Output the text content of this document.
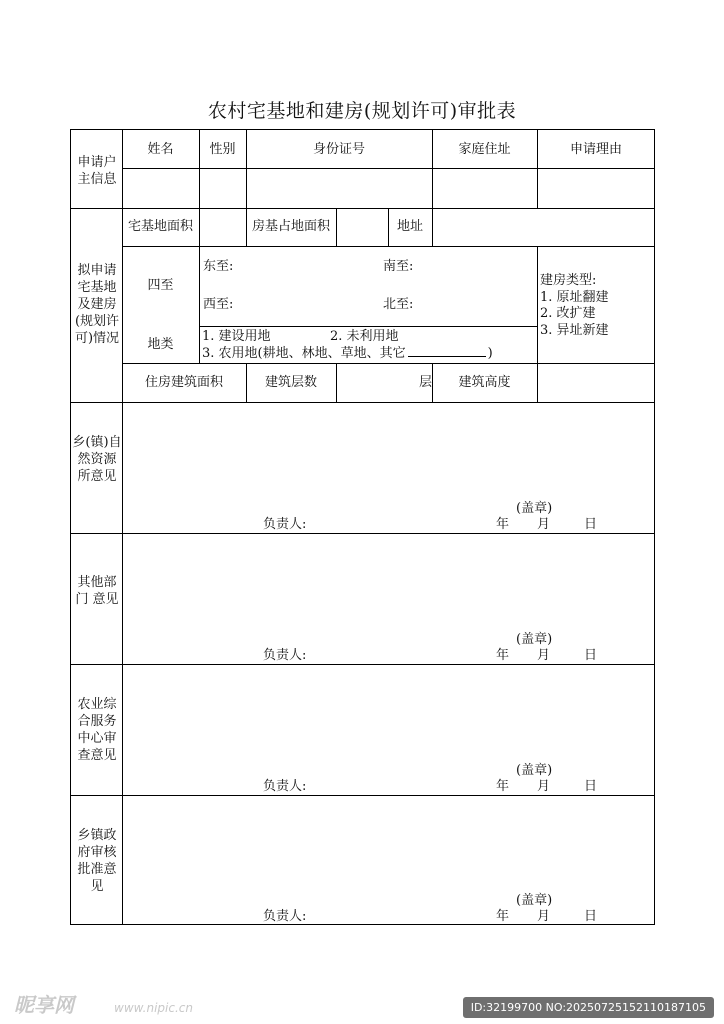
农村宅基地和建房(规划许可)审批表
申请户主信息
姓名	性别	身份证号	家庭住址	申请理由
拟申请宅基地及建房(规划许可)情况
宅基地面积	房基占地面积	地址
四至
东至:	南至:
西至:	北至:
建房类型:
1. 原址翻建
2. 改扩建
3. 异址新建
地类
1. 建设用地	2. 未利用地
3. 农用地(耕地、林地、草地、其它	)
住房建筑面积	建筑层数	层	建筑高度
乡(镇)自然资源所意见
(盖章)
负责人:	年 月	日
其他部门 意见
(盖章)
负责人:	年 月	日
农业综合服务中心审查意见
(盖章)
负责人:	年 月	日
乡镇政府审核批准意见
(盖章)
负责人:	年 月	日
昵享网	www.nipic.cn	ID:32199700 NO:20250725152110187105
